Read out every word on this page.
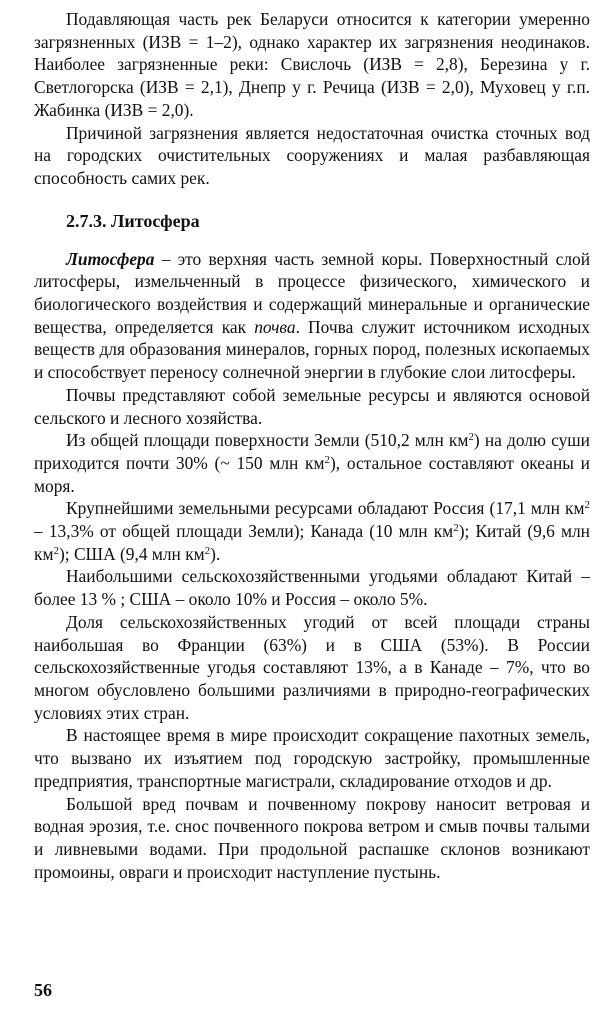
Подавляющая часть рек Беларуси относится к категории умеренно загрязненных (ИЗВ = 1–2), однако характер их загрязнения неодинаков. Наиболее загрязненные реки: Свислочь (ИЗВ = 2,8), Березина у г. Светлогорска (ИЗВ = 2,1), Днепр у г. Речица (ИЗВ = 2,0), Муховец у г.п. Жабинка (ИЗВ = 2,0).

Причиной загрязнения является недостаточная очистка сточных вод на городских очистительных сооружениях и малая разбавляющая способность самих рек.

2.7.3. Литосфера

Литосфера – это верхняя часть земной коры. Поверхностный слой литосферы, измельченный в процессе физического, химического и биологического воздействия и содержащий минеральные и органические вещества, определяется как почва. Почва служит источником исходных веществ для образования минералов, горных пород, полезных ископаемых и способствует переносу солнечной энергии в глубокие слои литосферы.

Почвы представляют собой земельные ресурсы и являются основой сельского и лесного хозяйства.

Из общей площади поверхности Земли (510,2 млн $км^2$) на долю суши приходится почти 30% (~ 150 млн $км^2$), остальное составляют океаны и моря.

Крупнейшими земельными ресурсами обладают Россия (17,1 млн $км^2 - 13,3\%$ от общей площади Земли); Канада (10 млн $км^2$); Китай (9,6 млн $км^2$); США (9,4 млн $км^2$).

Наибольшими сельскохозяйственными угодьями обладают Китай – более 13 % ; США – около 10% и Россия – около 5%.

Доля сельскохозяйственных угодий от всей площади страны наибольшая во Франции (63%) и в США (53%). В России сельскохозяйственные угодья составляют 13%, а в Канаде – 7%, что во многом обусловлено большими различиями в природно-географических условиях этих стран.

В настоящее время в мире происходит сокращение пахотных земель, что вызвано их изъятием под городскую застройку, промышленные предприятия, транспортные магистрали, складирование отходов и др.

Большой вред почвам и почвенному покрову наносит ветровая и водная эрозия, т.е. снос почвенного покрова ветром и смыв почвы талыми и ливневыми водами. При продольной распашке склонов возникают промоины, овраги и происходит наступление пустынь.

56
